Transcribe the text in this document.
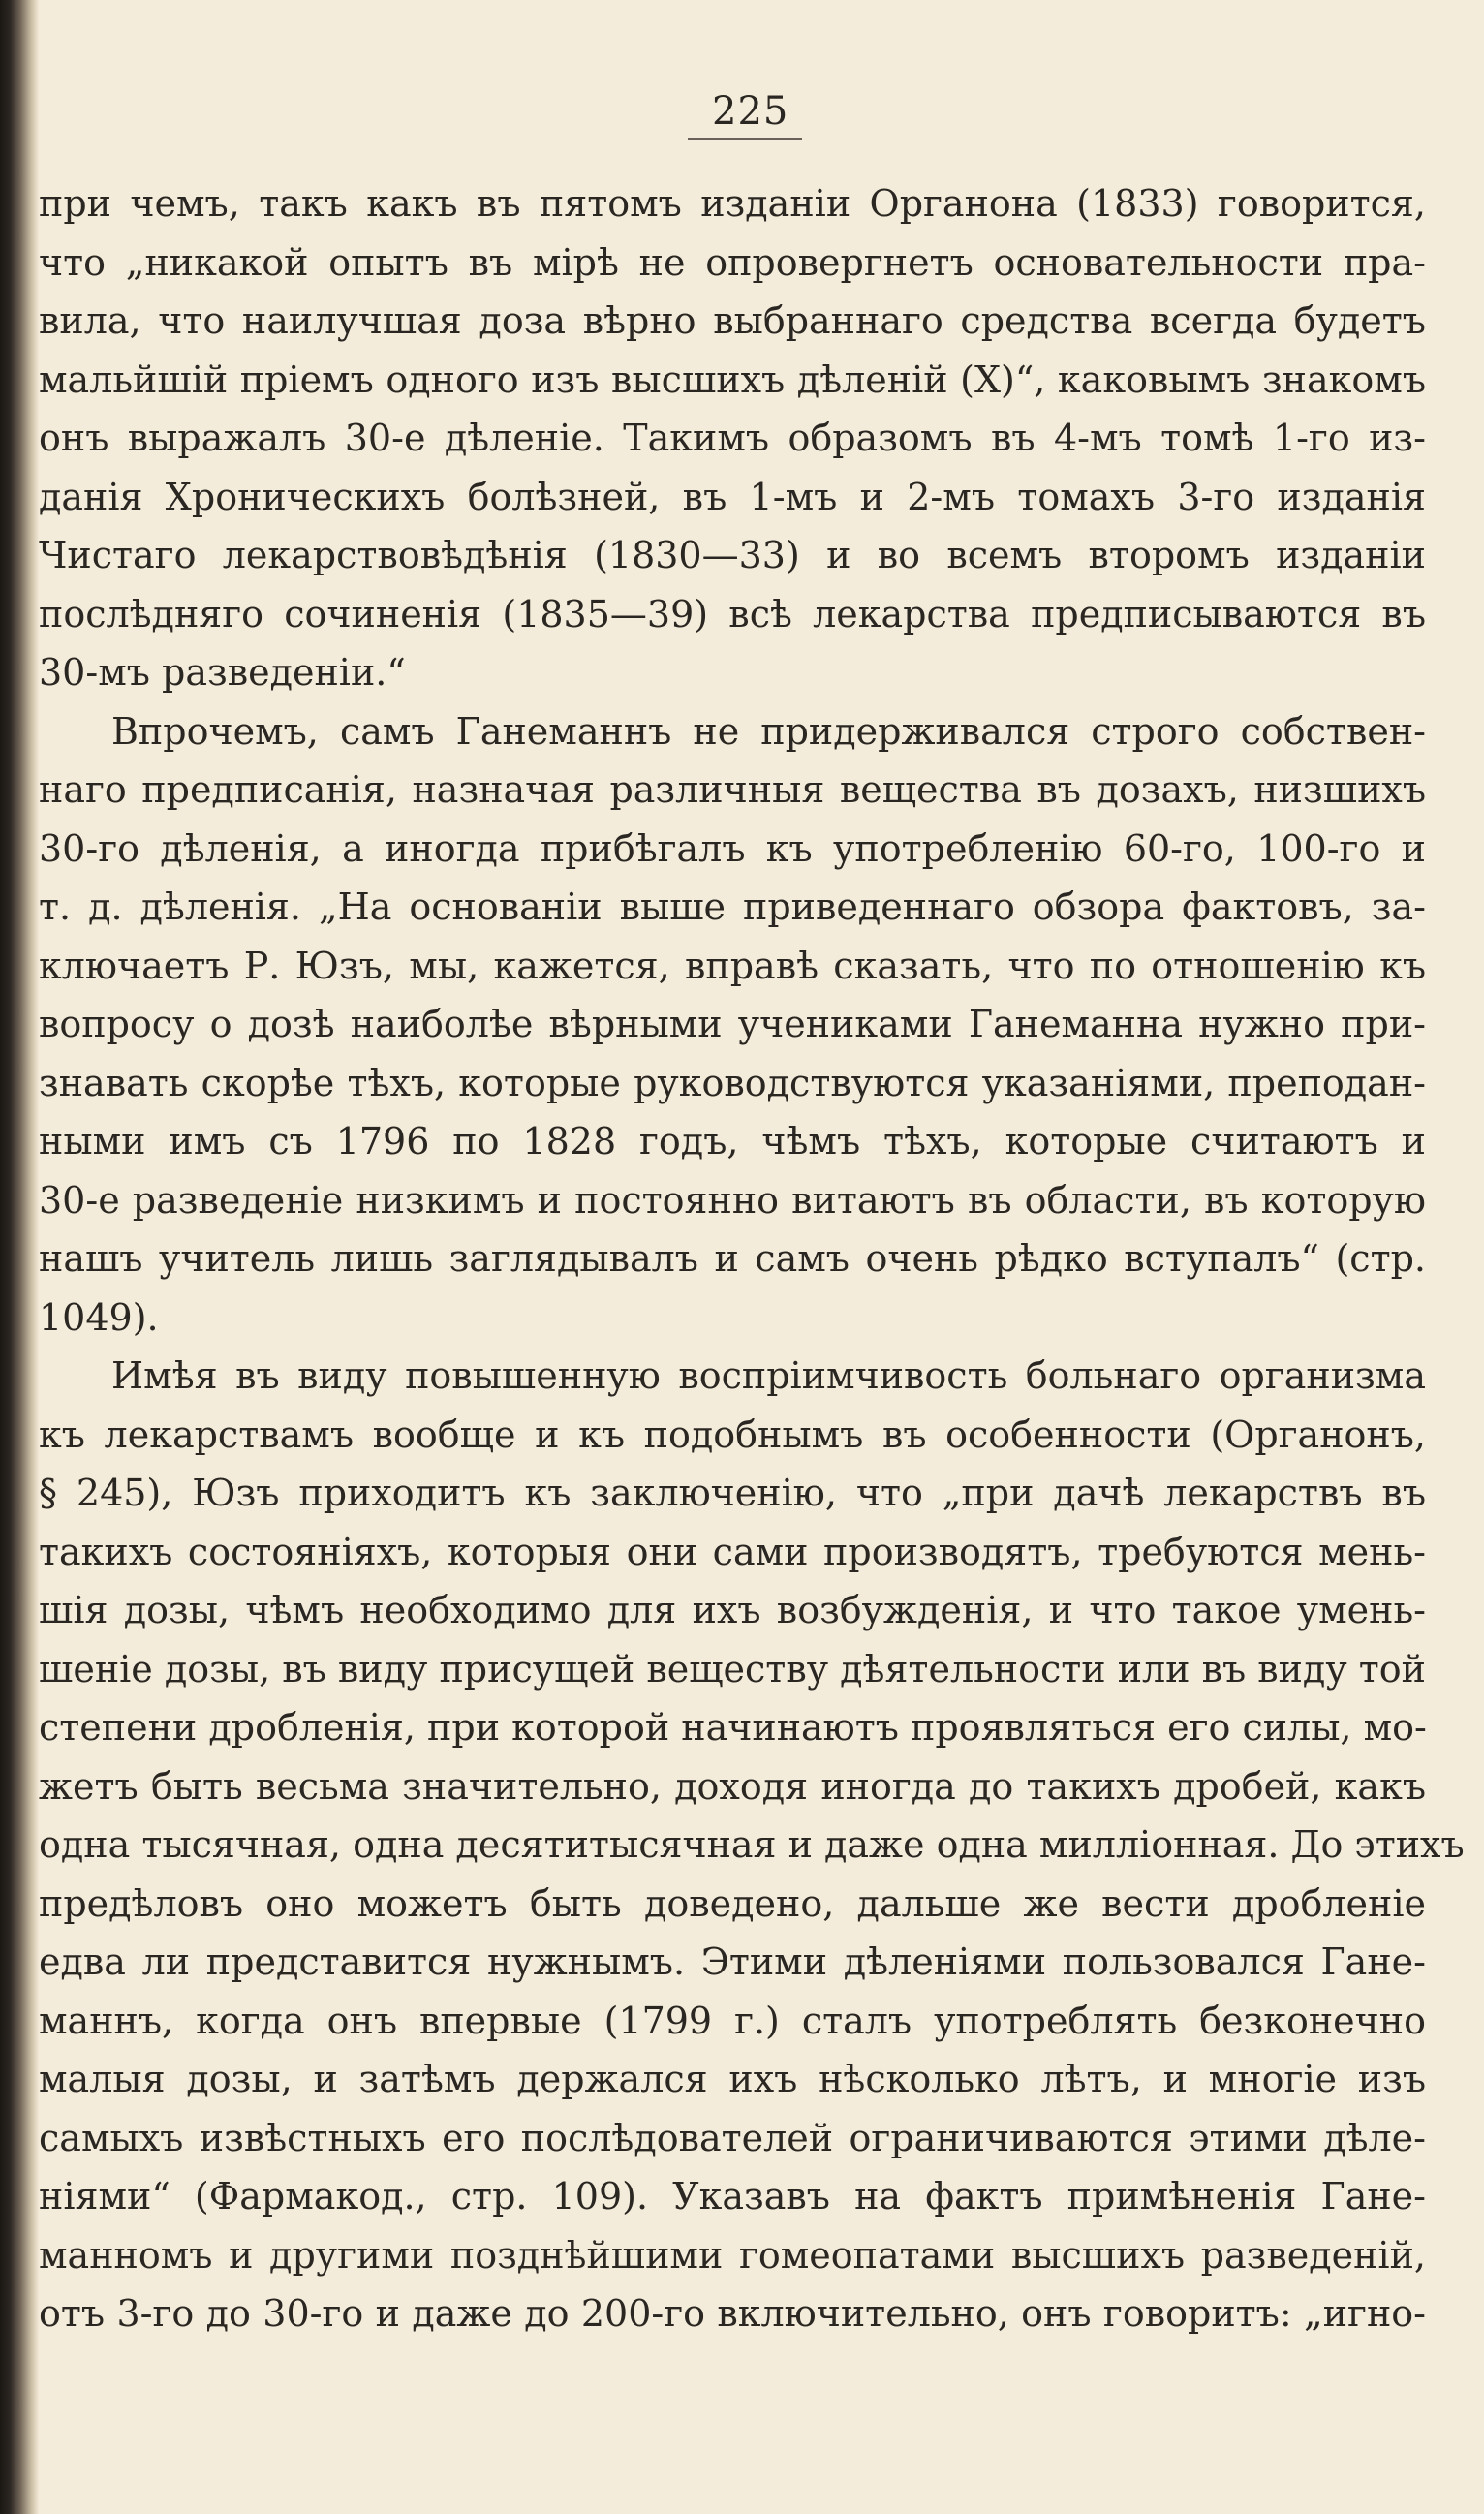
225
при чемъ, такъ какъ въ пятомъ изданіи Органона (1833) говорится,
что „никакой опытъ въ мірѣ не опровергнетъ основательности пра-
вила, что наилучшая доза вѣрно выбраннаго средства всегда будетъ
мальйшій пріемъ одного изъ высшихъ дѣленій (X)“, каковымъ знакомъ
онъ выражалъ 30-е дѣленіе. Такимъ образомъ въ 4-мъ томѣ 1-го из-
данія Хроническихъ болѣзней, въ 1-мъ и 2-мъ томахъ 3-го изданія
Чистаго лекарствовѣдѣнія (1830—33) и во всемъ второмъ изданіи
послѣдняго сочиненія (1835—39) всѣ лекарства предписываются въ
30-мъ разведеніи.“
Впрочемъ, самъ Ганеманнъ не придерживался строго собствен-
наго предписанія, назначая различныя вещества въ дозахъ, низшихъ
30-го дѣленія, а иногда прибѣгалъ къ употребленію 60-го, 100-го и
т. д. дѣленія. „На основаніи выше приведеннаго обзора фактовъ, за-
ключаетъ Р. Юзъ, мы, кажется, вправѣ сказать, что по отношенію къ
вопросу о дозѣ наиболѣе вѣрными учениками Ганеманна нужно при-
знавать скорѣе тѣхъ, которые руководствуются указаніями, преподан-
ными имъ съ 1796 по 1828 годъ, чѣмъ тѣхъ, которые считаютъ и
30-е разведеніе низкимъ и постоянно витаютъ въ области, въ которую
нашъ учитель лишь заглядывалъ и самъ очень рѣдко вступалъ“ (стр.
1049).
Имѣя въ виду повышенную воспріимчивость больнаго организма
къ лекарствамъ вообще и къ подобнымъ въ особенности (Органонъ,
§ 245), Юзъ приходитъ къ заключенію, что „при дачѣ лекарствъ въ
такихъ состояніяхъ, которыя они сами производятъ, требуются мень-
шія дозы, чѣмъ необходимо для ихъ возбужденія, и что такое умень-
шеніе дозы, въ виду присущей веществу дѣятельности или въ виду той
степени дробленія, при которой начинаютъ проявляться его силы, мо-
жетъ быть весьма значительно, доходя иногда до такихъ дробей, какъ
одна тысячная, одна десятитысячная и даже одна милліонная. До этихъ
предѣловъ оно можетъ быть доведено, дальше же вести дробленіе
едва ли представится нужнымъ. Этими дѣленіями пользовался Гане-
маннъ, когда онъ впервые (1799 г.) сталъ употреблять безконечно
малыя дозы, и затѣмъ держался ихъ нѣсколько лѣтъ, и многіе изъ
самыхъ извѣстныхъ его послѣдователей ограничиваются этими дѣле-
ніями“ (Фармакод., стр. 109). Указавъ на фактъ примѣненія Гане-
манномъ и другими позднѣйшими гомеопатами высшихъ разведеній,
отъ 3-го до 30-го и даже до 200-го включительно, онъ говоритъ: „игно-
